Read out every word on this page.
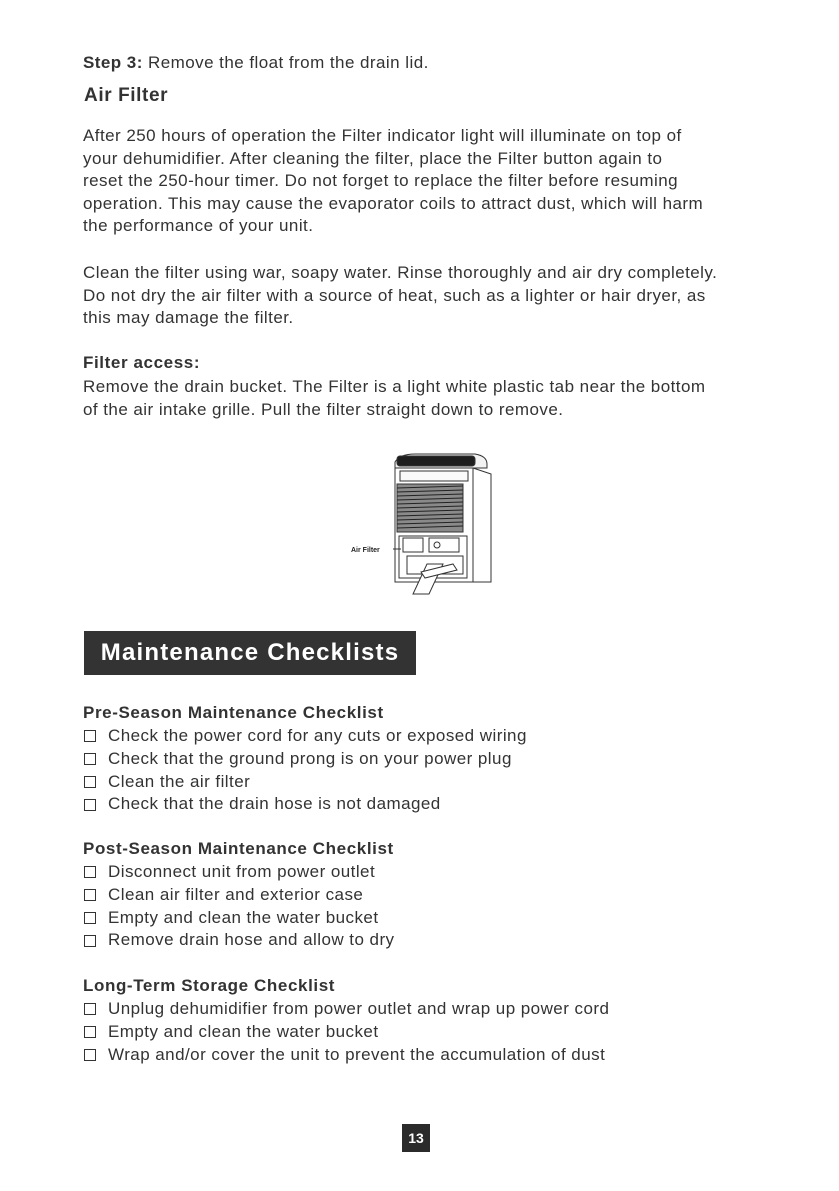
Step 3: Remove the float from the drain lid.
Air Filter
After 250 hours of operation the Filter indicator light will illuminate on top of
your dehumidifier. After cleaning the filter, place the Filter button again to
reset the 250-hour timer. Do not forget to replace the filter before resuming
operation. This may cause the evaporator coils to attract dust, which will harm
the performance of your unit.
Clean the filter using war, soapy water. Rinse thoroughly and air dry completely.
Do not dry the air filter with a source of heat, such as a lighter or hair dryer, as
this may damage the filter.
Filter access:
Remove the drain bucket. The Filter is a light white plastic tab near the bottom
of the air intake grille. Pull the filter straight down to remove.
Air Filter
Maintenance Checklists
Pre-Season Maintenance Checklist
Check the power cord for any cuts or exposed wiring
Check that the ground prong is on your power plug
Clean the air filter
Check that the drain hose is not damaged
Post-Season Maintenance Checklist
Disconnect unit from power outlet
Clean air filter and exterior case
Empty and clean the water bucket
Remove drain hose and allow to dry
Long-Term Storage Checklist
Unplug dehumidifier from power outlet and wrap up power cord
Empty and clean the water bucket
Wrap and/or cover the unit to prevent the accumulation of dust
13
